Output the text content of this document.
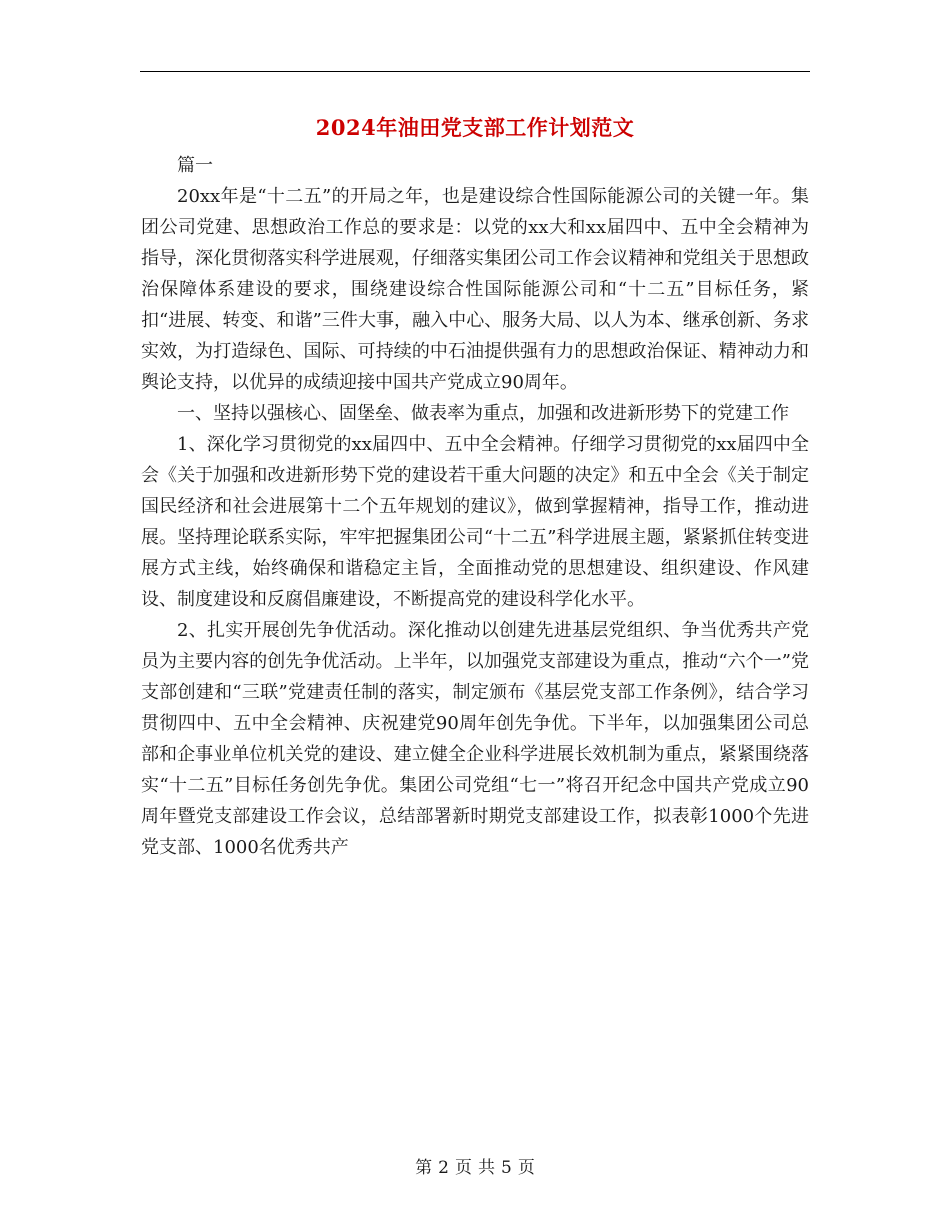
2024年油田党支部工作计划范文

篇一

20xx年是“十二五”的开局之年，也是建设综合性国际能源公司的关键一年。集团公司党建、思想政治工作总的要求是：以党的xx大和xx届四中、五中全会精神为指导，深化贯彻落实科学进展观，仔细落实集团公司工作会议精神和党组关于思想政治保障体系建设的要求，围绕建设综合性国际能源公司和“十二五”目标任务，紧扣“进展、转变、和谐”三件大事，融入中心、服务大局、以人为本、继承创新、务求实效，为打造绿色、国际、可持续的中石油提供强有力的思想政治保证、精神动力和舆论支持，以优异的成绩迎接中国共产党成立90周年。

一、坚持以强核心、固堡垒、做表率为重点，加强和改进新形势下的党建工作

1、深化学习贯彻党的xx届四中、五中全会精神。仔细学习贯彻党的xx届四中全会《关于加强和改进新形势下党的建设若干重大问题的决定》和五中全会《关于制定国民经济和社会进展第十二个五年规划的建议》，做到掌握精神，指导工作，推动进展。坚持理论联系实际，牢牢把握集团公司“十二五”科学进展主题，紧紧抓住转变进展方式主线，始终确保和谐稳定主旨，全面推动党的思想建设、组织建设、作风建设、制度建设和反腐倡廉建设，不断提高党的建设科学化水平。

2、扎实开展创先争优活动。深化推动以创建先进基层党组织、争当优秀共产党员为主要内容的创先争优活动。上半年，以加强党支部建设为重点，推动“六个一”党支部创建和“三联”党建责任制的落实，制定颁布《基层党支部工作条例》，结合学习贯彻四中、五中全会精神、庆祝建党90周年创先争优。下半年，以加强集团公司总部和企事业单位机关党的建设、建立健全企业科学进展长效机制为重点，紧紧围绕落实“十二五”目标任务创先争优。集团公司党组“七一”将召开纪念中国共产党成立90周年暨党支部建设工作会议，总结部署新时期党支部建设工作，拟表彰1000个先进党支部、1000名优秀共产

第 2 页 共 5 页
